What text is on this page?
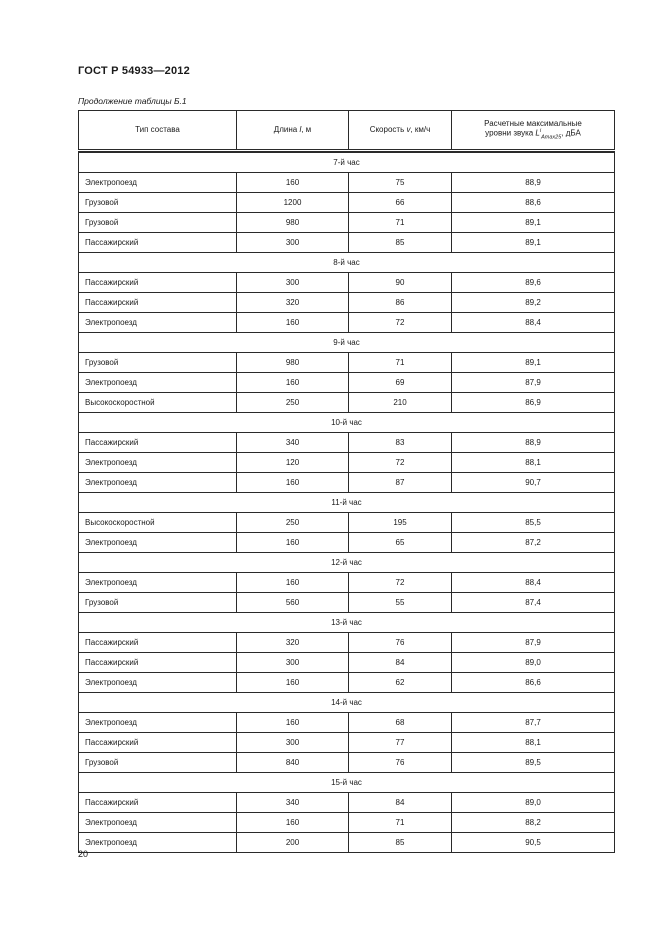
ГОСТ Р 54933—2012
Продолжение таблицы Б.1
Тип состава	Длина l, м	Скорость v, км/ч	Расчетные максимальные
уровни звука $L^i_{Amax25}$, дБА

7-й час			
Электропоезд	160	75	88,9
Грузовой	1200	66	88,6
Грузовой	980	71	89,1
Пассажирский	300	85	89,1
8-й час			
Пассажирский	300	90	89,6
Пассажирский	320	86	89,2
Электропоезд	160	72	88,4
9-й час			
Грузовой	980	71	89,1
Электропоезд	160	69	87,9
Высокоскоростной	250	210	86,9
10-й час			
Пассажирский	340	83	88,9
Электропоезд	120	72	88,1
Электропоезд	160	87	90,7
11-й час			
Высокоскоростной	250	195	85,5
Электропоезд	160	65	87,2
12-й час			
Электропоезд	160	72	88,4
Грузовой	560	55	87,4
13-й час			
Пассажирский	320	76	87,9
Пассажирский	300	84	89,0
Электропоезд	160	62	86,6
14-й час			
Электропоезд	160	68	87,7
Пассажирский	300	77	88,1
Грузовой	840	76	89,5
15-й час			
Пассажирский	340	84	89,0
Электропоезд	160	71	88,2
Электропоезд	200	85	90,5
20
